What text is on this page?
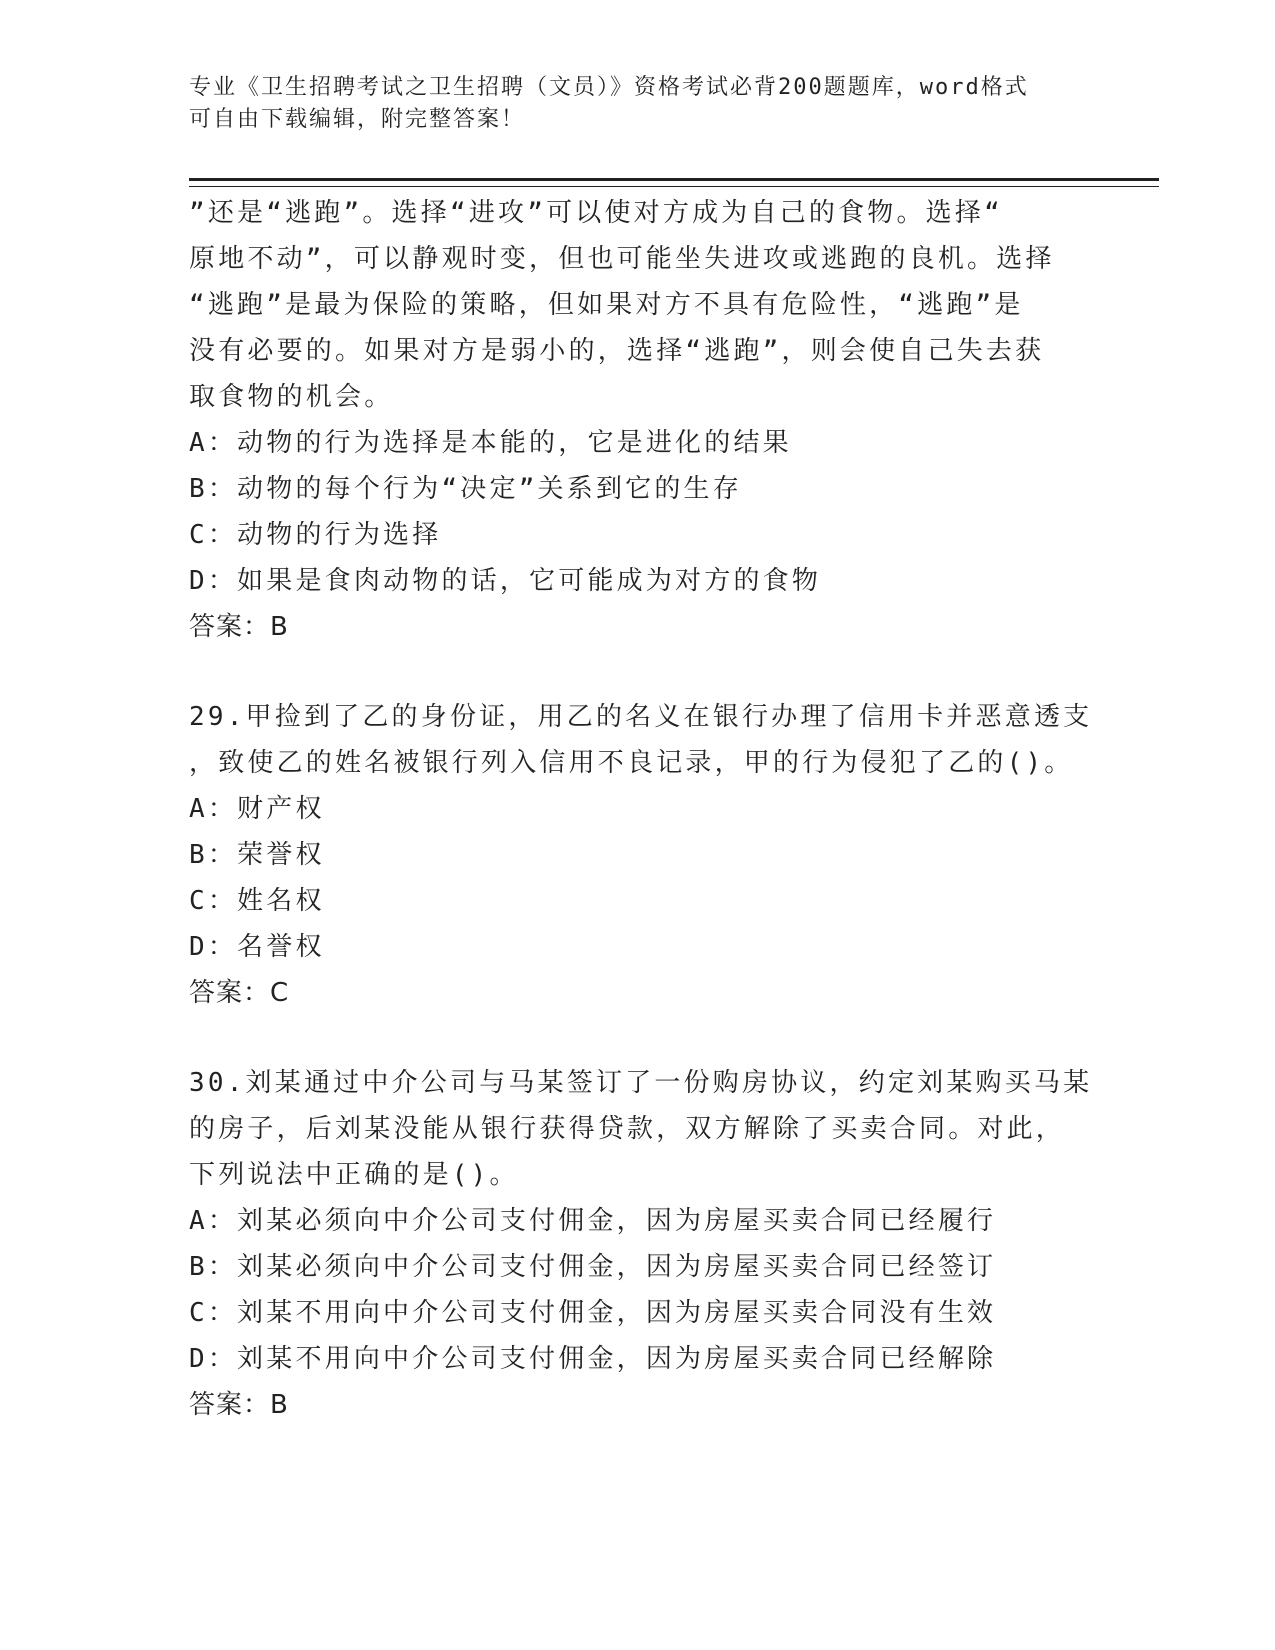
专业《卫生招聘考试之卫生招聘（文员）》资格考试必背200题题库，word格式
可自由下载编辑，附完整答案！
”还是“逃跑”。选择“进攻”可以使对方成为自己的食物。选择“
原地不动”，可以静观时变，但也可能坐失进攻或逃跑的良机。选择
“逃跑”是最为保险的策略，但如果对方不具有危险性，“逃跑”是
没有必要的。如果对方是弱小的，选择“逃跑”，则会使自己失去获
取食物的机会。
A：动物的行为选择是本能的，它是进化的结果
B：动物的每个行为“决定”关系到它的生存
C：动物的行为选择
D：如果是食肉动物的话，它可能成为对方的食物
答案：B
29.甲捡到了乙的身份证，用乙的名义在银行办理了信用卡并恶意透支
，致使乙的姓名被银行列入信用不良记录，甲的行为侵犯了乙的()。
A：财产权
B：荣誉权
C：姓名权
D：名誉权
答案：C
30.刘某通过中介公司与马某签订了一份购房协议，约定刘某购买马某
的房子，后刘某没能从银行获得贷款，双方解除了买卖合同。对此，
下列说法中正确的是()。
A：刘某必须向中介公司支付佣金，因为房屋买卖合同已经履行
B：刘某必须向中介公司支付佣金，因为房屋买卖合同已经签订
C：刘某不用向中介公司支付佣金，因为房屋买卖合同没有生效
D：刘某不用向中介公司支付佣金，因为房屋买卖合同已经解除
答案：B
